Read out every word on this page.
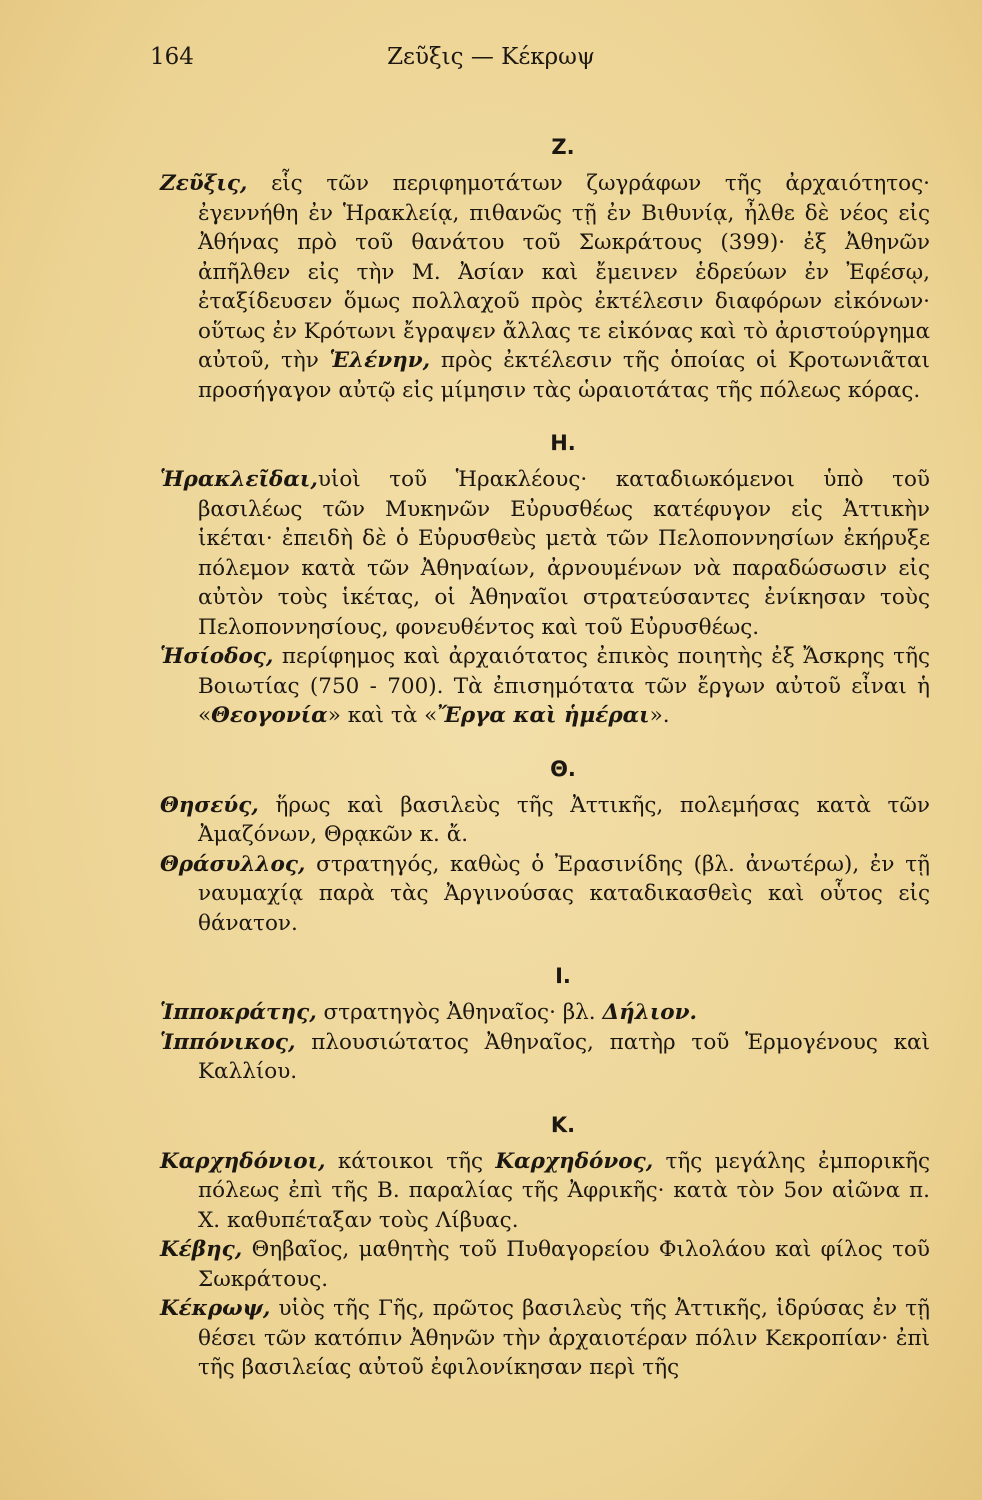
164	Ζεῦξις — Κέκρωψ
Ζ.

Ζεῦξις, εἷς τῶν περιφημοτάτων ζωγράφων τῆς ἀρχαιότητος· ἐγεννήθη ἐν Ἡρακλείᾳ, πιθανῶς τῇ ἐν Βιθυνίᾳ, ἦλθε δὲ νέος εἰς Ἀθήνας πρὸ τοῦ θανάτου τοῦ Σωκράτους (399)· ἐξ Ἀθηνῶν ἀπῆλθεν εἰς τὴν Μ. Ἀσίαν καὶ ἔμεινεν ἑδρεύων ἐν Ἐφέσῳ, ἐταξίδευσεν ὅμως πολλαχοῦ πρὸς ἐκτέλεσιν διαφόρων εἰκόνων· οὕτως ἐν Κρότωνι ἔγραψεν ἄλλας τε εἰκόνας καὶ τὸ ἀριστούργημα αὐτοῦ, τὴν Ἑλένην, πρὸς ἐκτέλεσιν τῆς ὁποίας οἱ Κροτωνιᾶται προσήγαγον αὐτῷ εἰς μίμησιν τὰς ὡραιοτάτας τῆς πόλεως κόρας.

Η.

Ἡρακλεῖδαι,υἱοὶ τοῦ Ἡρακλέους· καταδιωκόμενοι ὑπὸ τοῦ βασιλέως τῶν Μυκηνῶν Εὐρυσθέως κατέφυγον εἰς Ἀττικὴν ἱκέται· ἐπειδὴ δὲ ὁ Εὐρυσθεὺς μετὰ τῶν Πελοποννησίων ἐκήρυξε πόλεμον κατὰ τῶν Ἀθηναίων, ἀρνουμένων νὰ παραδώσωσιν εἰς αὐτὸν τοὺς ἱκέτας, οἱ Ἀθηναῖοι στρατεύσαντες ἐνίκησαν τοὺς Πελοποννησίους, φονευθέντος καὶ τοῦ Εὐρυσθέως.

Ἡσίοδος, περίφημος καὶ ἀρχαιότατος ἐπικὸς ποιητὴς ἐξ Ἄσκρης τῆς Βοιωτίας (750 - 700). Τὰ ἐπισημότατα τῶν ἔργων αὐτοῦ εἶναι ἡ «Θεογονία» καὶ τὰ «Ἔργα καὶ ἡμέραι».

Θ.

Θησεύς, ἥρως καὶ βασιλεὺς τῆς Ἀττικῆς, πολεμήσας κατὰ τῶν Ἀμαζόνων, Θρᾳκῶν κ. ἄ.

Θράσυλλος, στρατηγός, καθὼς ὁ Ἐρασινίδης (βλ. ἀνωτέρω), ἐν τῇ ναυμαχίᾳ παρὰ τὰς Ἀργινούσας καταδικασθεὶς καὶ οὗτος εἰς θάνατον.

Ι.

Ἱπποκράτης, στρατηγὸς Ἀθηναῖος· βλ. Δήλιον.

Ἱππόνικος, πλουσιώτατος Ἀθηναῖος, πατὴρ τοῦ Ἑρμογένους καὶ Καλλίου.

Κ.

Καρχηδόνιοι, κάτοικοι τῆς Καρχηδόνος, τῆς μεγάλης ἐμπορικῆς πόλεως ἐπὶ τῆς Β. παραλίας τῆς Ἀφρικῆς· κατὰ τὸν 5ον αἰῶνα π. Χ. καθυπέταξαν τοὺς Λίβυας.

Κέβης, Θηβαῖος, μαθητὴς τοῦ Πυθαγορείου Φιλολάου καὶ φίλος τοῦ Σωκράτους.

Κέκρωψ, υἱὸς τῆς Γῆς, πρῶτος βασιλεὺς τῆς Ἀττικῆς, ἱδρύσας ἐν τῇ θέσει τῶν κατόπιν Ἀθηνῶν τὴν ἀρχαιοτέραν πόλιν Κεκροπίαν· ἐπὶ τῆς βασιλείας αὐτοῦ ἐφιλονίκησαν περὶ τῆς
